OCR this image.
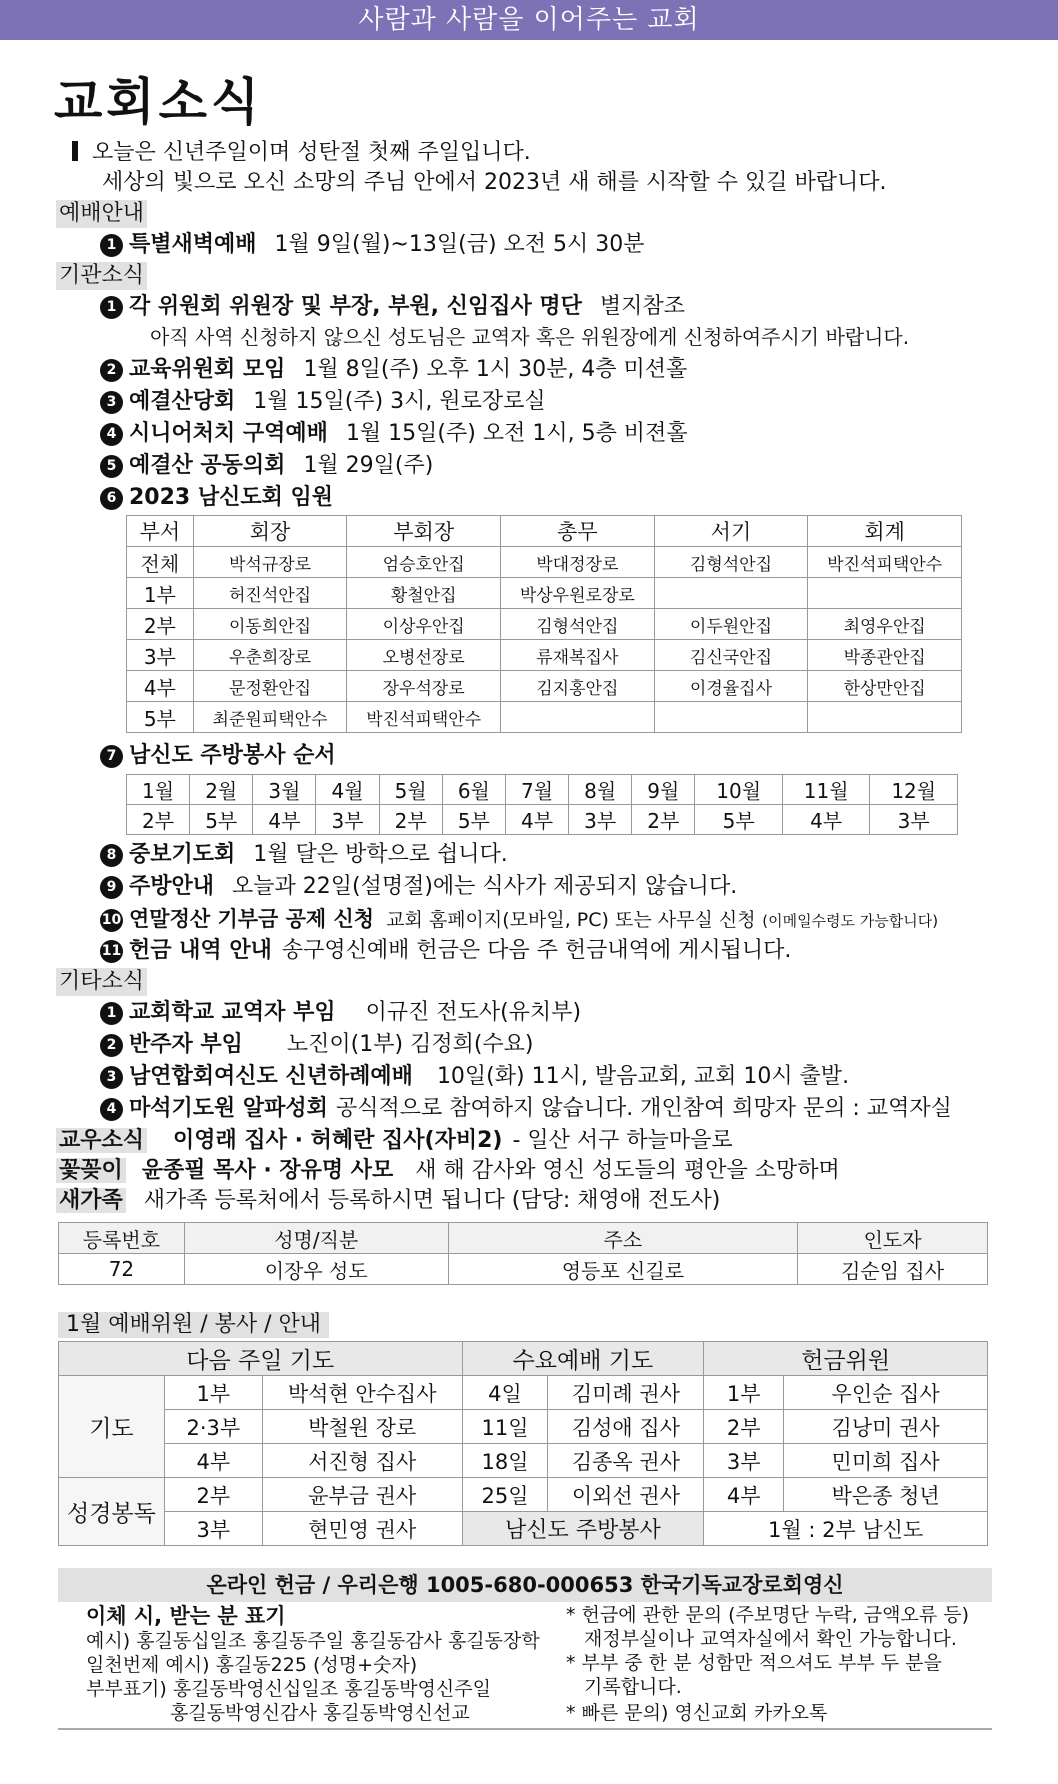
사람과 사람을 이어주는 교회
교회소식
오늘은 신년주일이며 성탄절 첫째 주일입니다.
세상의 빛으로 오신 소망의 주님 안에서 2023년 새 해를 시작할 수 있길 바랍니다.
예배안내
1 특별새벽예배 1월 9일(월)~13일(금) 오전 5시 30분
기관소식
1 각 위원회 위원장 및 부장, 부원, 신임집사 명단 별지참조
아직 사역 신청하지 않으신 성도님은 교역자 혹은 위원장에게 신청하여주시기 바랍니다.
2 교육위원회 모임 1월 8일(주) 오후 1시 30분, 4층 미션홀
3 예결산당회 1월 15일(주) 3시, 원로장로실
4 시니어처치 구역예배 1월 15일(주) 오전 1시, 5층 비젼홀
5 예결산 공동의회 1월 29일(주)
6 2023 남신도회 임원
부서	회장	부회장	총무	서기	회계
전체	박석규장로	엄승호안집	박대정장로	김형석안집	박진석피택안수
1부	허진석안집	황철안집	박상우원로장로		
2부	이동희안집	이상우안집	김형석안집	이두원안집	최영우안집
3부	우춘희장로	오병선장로	류재복집사	김신국안집	박종관안집
4부	문정환안집	장우석장로	김지홍안집	이경율집사	한상만안집
5부	최준원피택안수	박진석피택안수			
7 남신도 주방봉사 순서
1월	2월	3월	4월	5월	6월	7월	8월	9월	10월	11월	12월
2부	5부	4부	3부	2부	5부	4부	3부	2부	5부	4부	3부
8 중보기도회 1월 달은 방학으로 쉽니다.
9 주방안내 오늘과 22일(설명절)에는 식사가 제공되지 않습니다.
10 연말정산 기부금 공제 신청 교회 홈페이지(모바일, PC) 또는 사무실 신청 (이메일수령도 가능합니다)
11 헌금 내역 안내 송구영신예배 헌금은 다음 주 헌금내역에 게시됩니다.
기타소식
1 교회학교 교역자 부임 이규진 전도사(유치부)
2 반주자 부임 노진이(1부) 김정희(수요)
3 남연합회여신도 신년하례예배 10일(화) 11시, 발음교회, 교회 10시 출발.
4 마석기도원 알파성회 공식적으로 참여하지 않습니다. 개인참여 희망자 문의 : 교역자실
교우소식 이영래 집사 · 허혜란 집사(자비2) - 일산 서구 하늘마을로
꽃꽂이 윤종필 목사 · 장유명 사모 새 해 감사와 영신 성도들의 평안을 소망하며
새가족 새가족 등록처에서 등록하시면 됩니다 (담당: 채영애 전도사)
등록번호	성명/직분	주소	인도자
72	이장우 성도	영등포 신길로	김순임 집사
1월 예배위원 / 봉사 / 안내
다음 주일 기도			수요예배 기도		헌금위원	
기도	1부	박석현 안수집사	4일	김미례 권사	1부	우인순 집사
	2·3부	박철원 장로	11일	김성애 집사	2부	김낭미 권사
	4부	서진형 집사	18일	김종옥 권사	3부	민미희 집사
성경봉독	2부	윤부금 권사	25일	이외선 권사	4부	박은종 청년
	3부	현민영 권사	남신도 주방봉사		1월 : 2부 남신도	
온라인 헌금 / 우리은행 1005-680-000653 한국기독교장로회영신
이체 시, 받는 분 표기
예시) 홍길동십일조 홍길동주일 홍길동감사 홍길동장학
일천번제 예시) 홍길동225 (성명+숫자)
부부표기) 홍길동박영신십일조 홍길동박영신주일
홍길동박영신감사 홍길동박영신선교
* 헌금에 관한 문의 (주보명단 누락, 금액오류 등)
재정부실이나 교역자실에서 확인 가능합니다.
* 부부 중 한 분 성함만 적으셔도 부부 두 분을
기록합니다.
* 빠른 문의) 영신교회 카카오톡
